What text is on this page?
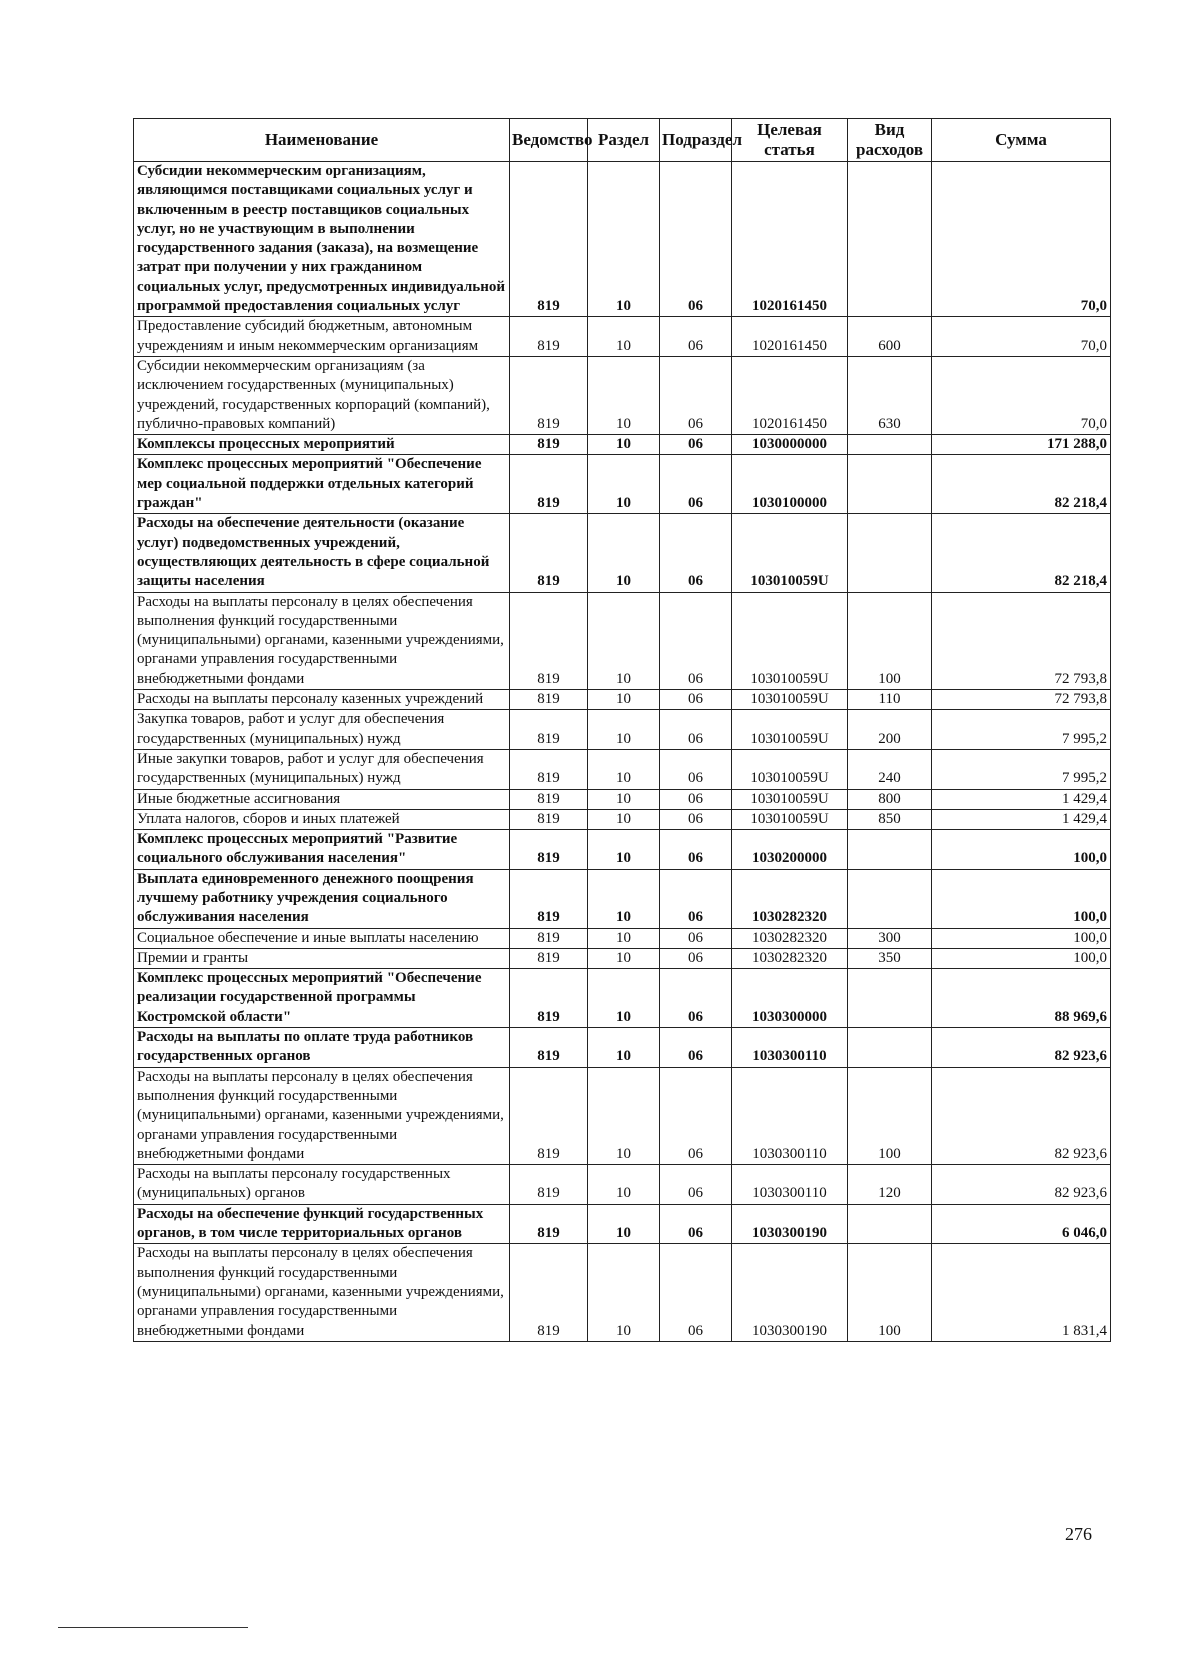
Наименование	Ведомство	Раздел	Подраздел	Целевая статья	Вид расходов	Сумма
Субсидии некоммерческим организациям, являющимся поставщиками социальных услуг и включенным в реестр поставщиков социальных услуг, но не участвующим в выполнении государственного задания (заказа), на возмещение затрат при получении у них гражданином социальных услуг, предусмотренных индивидуальной программой предоставления социальных услуг	819	10	06	1020161450		70,0
Предоставление субсидий бюджетным, автономным учреждениям и иным некоммерческим организациям	819	10	06	1020161450	600	70,0
Субсидии некоммерческим организациям (за исключением государственных (муниципальных) учреждений, государственных корпораций (компаний), публично-правовых компаний)	819	10	06	1020161450	630	70,0
Комплексы процессных мероприятий	819	10	06	1030000000		171 288,0
Комплекс процессных мероприятий "Обеспечение мер социальной поддержки отдельных категорий граждан"	819	10	06	1030100000		82 218,4
Расходы на обеспечение деятельности (оказание услуг) подведомственных учреждений, осуществляющих деятельность в сфере социальной защиты населения	819	10	06	103010059U		82 218,4
Расходы на выплаты персоналу в целях обеспечения выполнения функций государственными (муниципальными) органами, казенными учреждениями, органами управления государственными внебюджетными фондами	819	10	06	103010059U	100	72 793,8
Расходы на выплаты персоналу казенных учреждений	819	10	06	103010059U	110	72 793,8
Закупка товаров, работ и услуг для обеспечения государственных (муниципальных) нужд	819	10	06	103010059U	200	7 995,2
Иные закупки товаров, работ и услуг для обеспечения государственных (муниципальных) нужд	819	10	06	103010059U	240	7 995,2
Иные бюджетные ассигнования	819	10	06	103010059U	800	1 429,4
Уплата налогов, сборов и иных платежей	819	10	06	103010059U	850	1 429,4
Комплекс процессных мероприятий "Развитие социального обслуживания населения"	819	10	06	1030200000		100,0
Выплата единовременного денежного поощрения лучшему работнику учреждения социального обслуживания населения	819	10	06	1030282320		100,0
Социальное обеспечение и иные выплаты населению	819	10	06	1030282320	300	100,0
Премии и гранты	819	10	06	1030282320	350	100,0
Комплекс процессных мероприятий "Обеспечение реализации государственной программы Костромской области"	819	10	06	1030300000		88 969,6
Расходы на выплаты по оплате труда работников государственных органов	819	10	06	1030300110		82 923,6
Расходы на выплаты персоналу в целях обеспечения выполнения функций государственными (муниципальными) органами, казенными учреждениями, органами управления государственными внебюджетными фондами	819	10	06	1030300110	100	82 923,6
Расходы на выплаты персоналу государственных (муниципальных) органов	819	10	06	1030300110	120	82 923,6
Расходы на обеспечение функций государственных органов, в том числе территориальных органов	819	10	06	1030300190		6 046,0
Расходы на выплаты персоналу в целях обеспечения выполнения функций государственными (муниципальными) органами, казенными учреждениями, органами управления государственными внебюджетными фондами	819	10	06	1030300190	100	1 831,4
276
